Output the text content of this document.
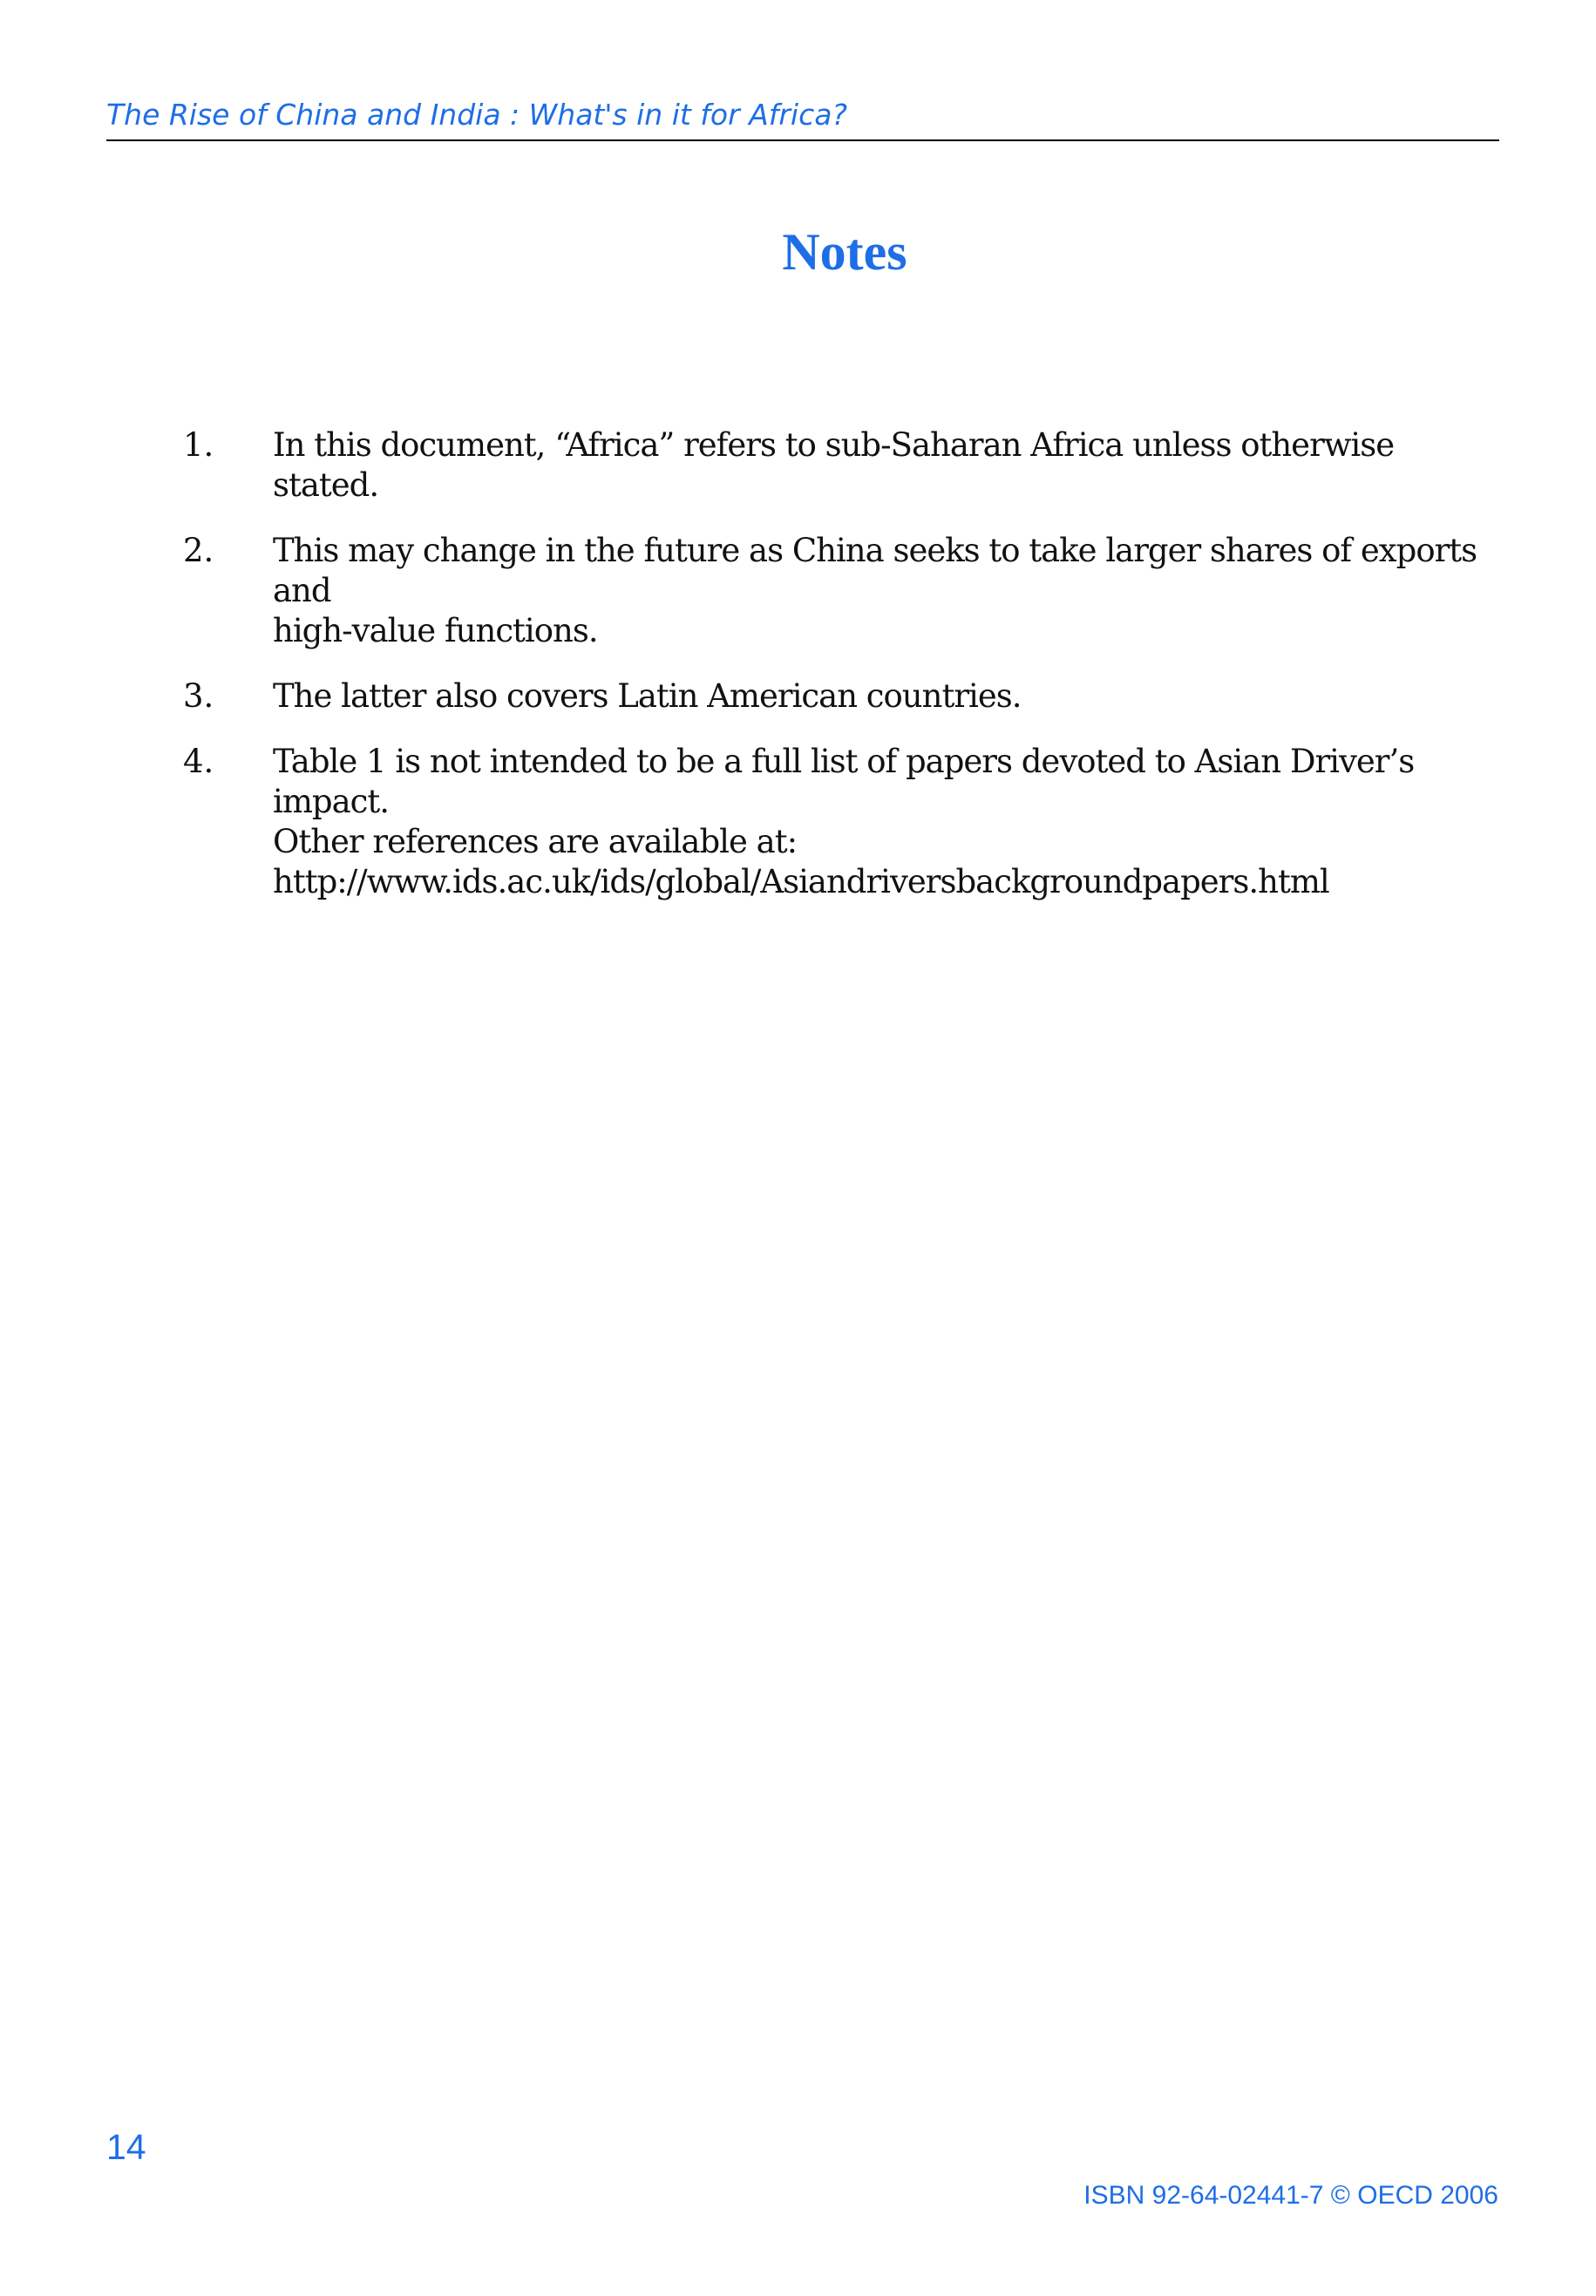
The Rise of China and India : What's in it for Africa?
Notes
1. In this document, “Africa” refers to sub-Saharan Africa unless otherwise stated.
2. This may change in the future as China seeks to take larger shares of exports and
high-value functions.
3. The latter also covers Latin American countries.
4. Table 1 is not intended to be a full list of papers devoted to Asian Driver’s impact.
Other references are available at:
http://www.ids.ac.uk/ids/global/Asiandriversbackgroundpapers.html
14
ISBN 92-64-02441-7 © OECD 2006
